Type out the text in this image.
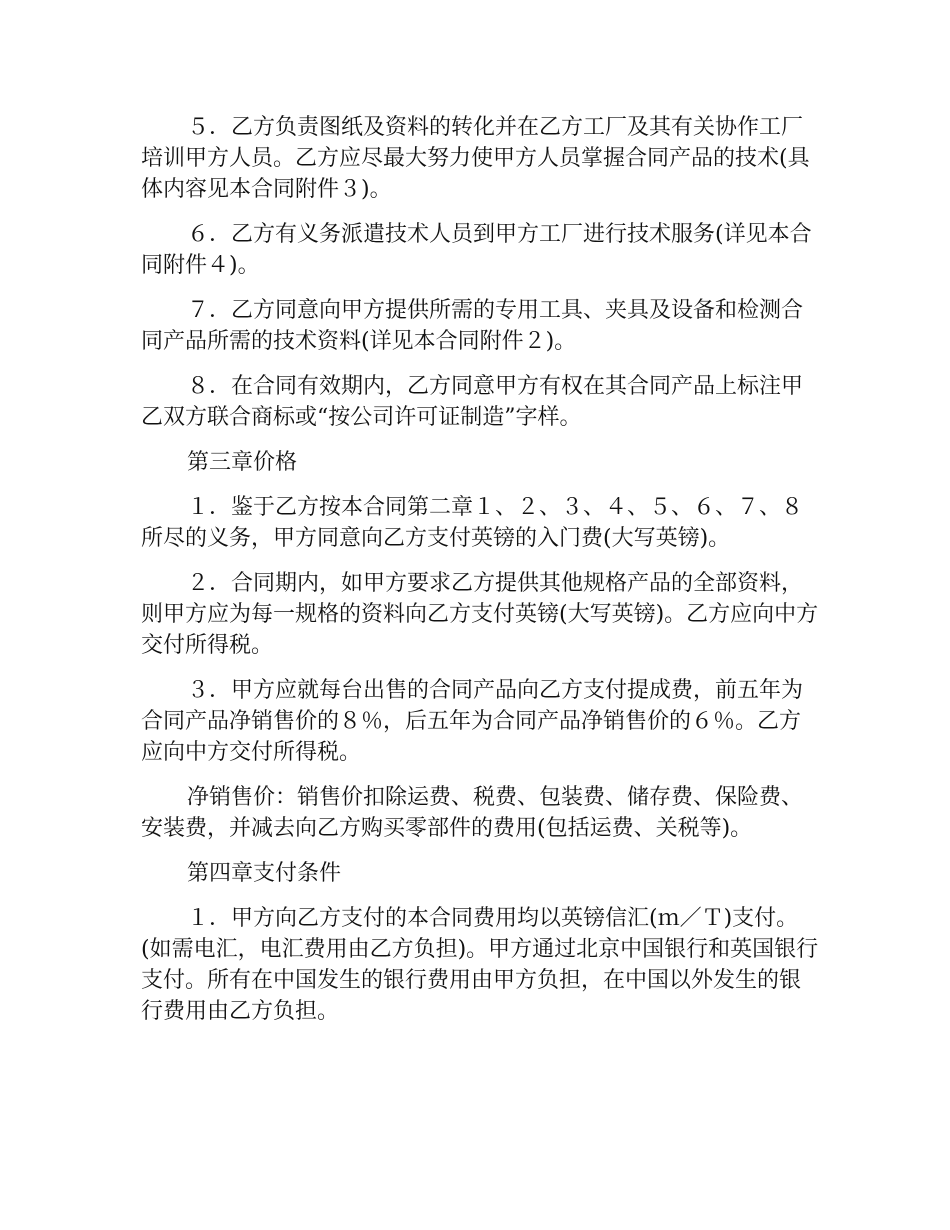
５．乙方负责图纸及资料的转化并在乙方工厂及其有关协作工厂培训甲方人员。乙方应尽最大努力使甲方人员掌握合同产品的技术(具体内容见本合同附件３)。

６．乙方有义务派遣技术人员到甲方工厂进行技术服务(详见本合同附件４)。

７．乙方同意向甲方提供所需的专用工具、夹具及设备和检测合同产品所需的技术资料(详见本合同附件２)。

８．在合同有效期内，乙方同意甲方有权在其合同产品上标注甲乙双方联合商标或“按公司许可证制造”字样。

第三章价格

１．鉴于乙方按本合同第二章１、２、３、４、５、６、７、８所尽的义务，甲方同意向乙方支付英镑的入门费(大写英镑)。

２．合同期内，如甲方要求乙方提供其他规格产品的全部资料，则甲方应为每一规格的资料向乙方支付英镑(大写英镑)。乙方应向中方交付所得税。

３．甲方应就每台出售的合同产品向乙方支付提成费，前五年为合同产品净销售价的８％，后五年为合同产品净销售价的６％。乙方应向中方交付所得税。

净销售价：销售价扣除运费、税费、包装费、储存费、保险费、安装费，并减去向乙方购买零部件的费用(包括运费、关税等)。

第四章支付条件

１．甲方向乙方支付的本合同费用均以英镑信汇(ｍ／Ｔ)支付。(如需电汇，电汇费用由乙方负担)。甲方通过北京中国银行和英国银行支付。所有在中国发生的银行费用由甲方负担，在中国以外发生的银行费用由乙方负担。
